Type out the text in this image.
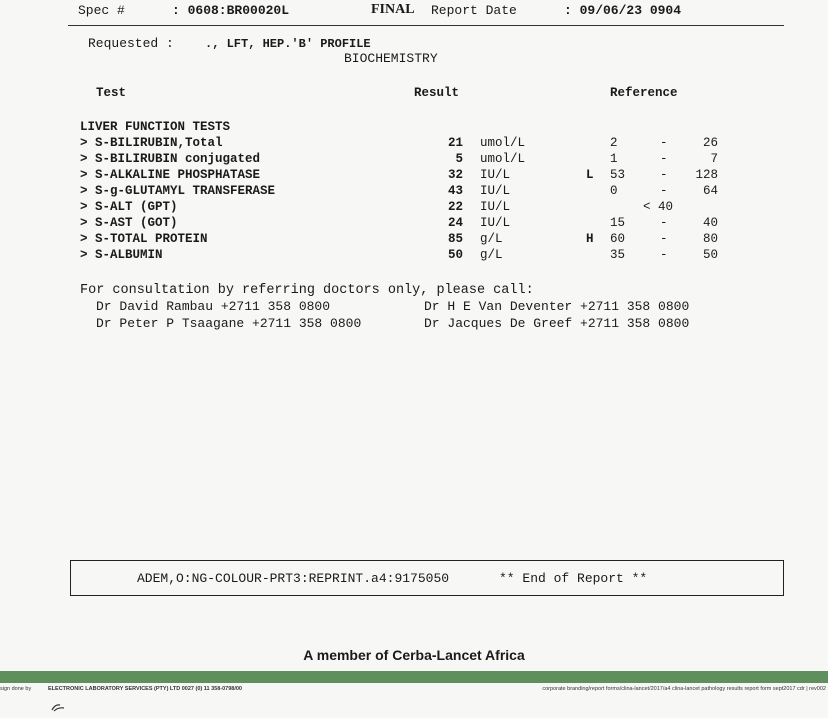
Spec #	: 0608:BR00020L	FINAL Report Date	: 09/06/23 0904
Requested :	., LFT, HEP.'B' PROFILE
BIOCHEMISTRY
Test	Result	Reference
LIVER FUNCTION TESTS
> S-BILIRUBIN,Total	21 umol/L	2	-	26
> S-BILIRUBIN conjugated	5 umol/L	1	-	7
> S-ALKALINE PHOSPHATASE	32 IU/L	L 53	- 128
> S-g-GLUTAMYL TRANSFERASE	43 IU/L	0	-	64
> S-ALT (GPT)	22 IU/L	< 40
> S-AST (GOT)	24 IU/L	15	-	40
> S-TOTAL PROTEIN	85 g/L	H 60	-	80
> S-ALBUMIN	50 g/L	35	-	50
For consultation by referring doctors only, please call:
Dr David Rambau +2711 358 0800	Dr H E Van Deventer +2711 358 0800
Dr Peter P Tsaagane +2711 358 0800	Dr Jacques De Greef +2711 358 0800
ADEM,O:NG-COLOUR-PRT3:REPRINT.a4:9175050	** End of Report **
A member of Cerba-Lancet Africa
sign done by

	ELECTRONIC LABORATORY SERVICES (PTY) LTD 0027 (0) 11 358-0798/00	corporate branding/report forms/clina-lancet/2017/a4 clina-lancet pathology results report form sept2017 cdr | rev002
